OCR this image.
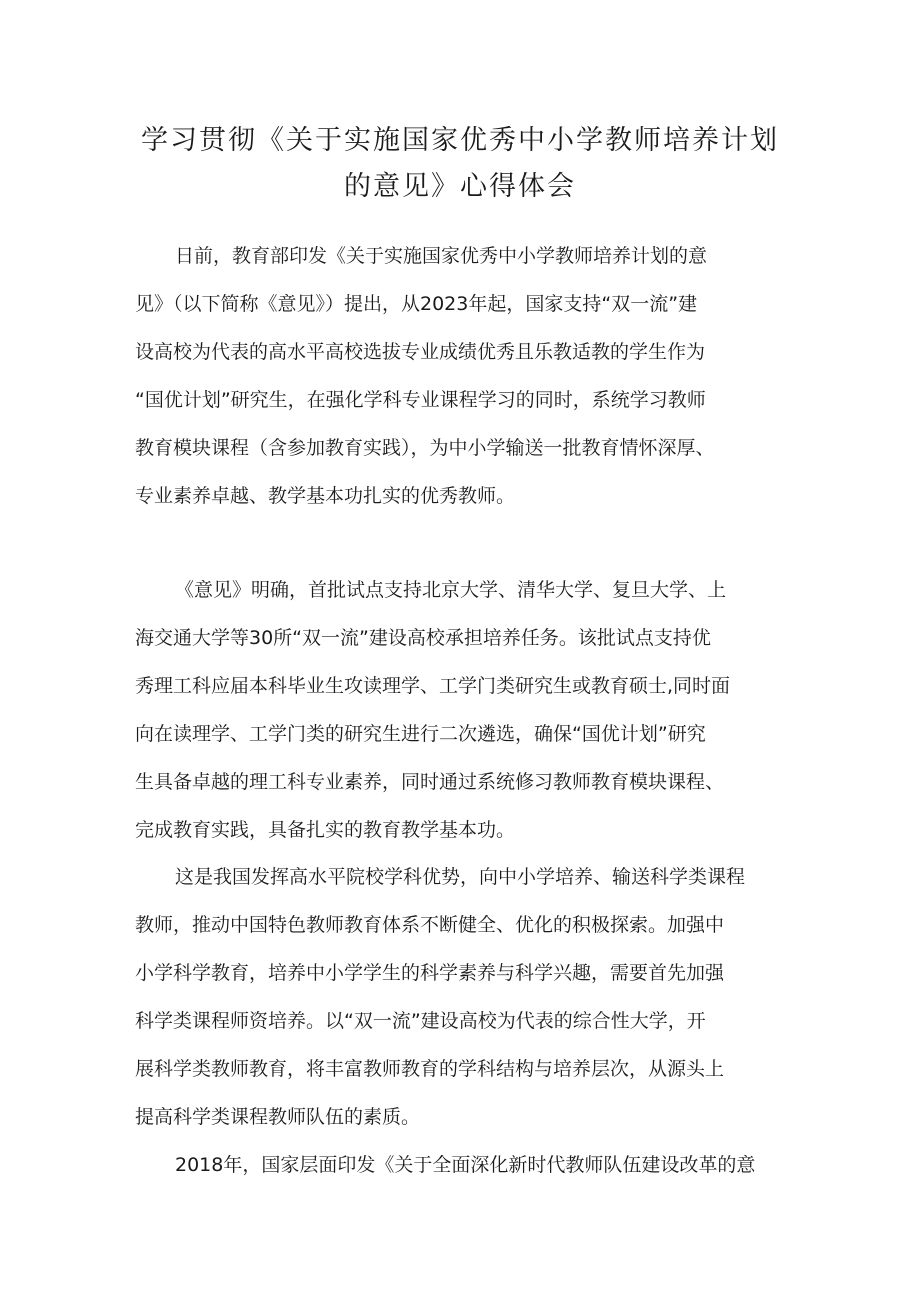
学习贯彻《关于实施国家优秀中小学教师培养计划
的意见》心得体会
日前，教育部印发《关于实施国家优秀中小学教师培养计划的意
见》（以下简称《意见》）提出，从2023年起，国家支持“双一流”建
设高校为代表的高水平高校选拔专业成绩优秀且乐教适教的学生作为
“国优计划”研究生，在强化学科专业课程学习的同时，系统学习教师
教育模块课程（含参加教育实践），为中小学输送一批教育情怀深厚、
专业素养卓越、教学基本功扎实的优秀教师。
《意见》明确，首批试点支持北京大学、清华大学、复旦大学、上
海交通大学等30所“双一流”建设高校承担培养任务。该批试点支持优
秀理工科应届本科毕业生攻读理学、工学门类研究生或教育硕士,同时面
向在读理学、工学门类的研究生进行二次遴选，确保“国优计划”研究
生具备卓越的理工科专业素养，同时通过系统修习教师教育模块课程、
完成教育实践，具备扎实的教育教学基本功。
这是我国发挥高水平院校学科优势，向中小学培养、输送科学类课程
教师，推动中国特色教师教育体系不断健全、优化的积极探索。加强中
小学科学教育，培养中小学学生的科学素养与科学兴趣，需要首先加强
科学类课程师资培养。以“双一流”建设高校为代表的综合性大学，开
展科学类教师教育，将丰富教师教育的学科结构与培养层次，从源头上
提高科学类课程教师队伍的素质。
2018年，国家层面印发《关于全面深化新时代教师队伍建设改革的意
